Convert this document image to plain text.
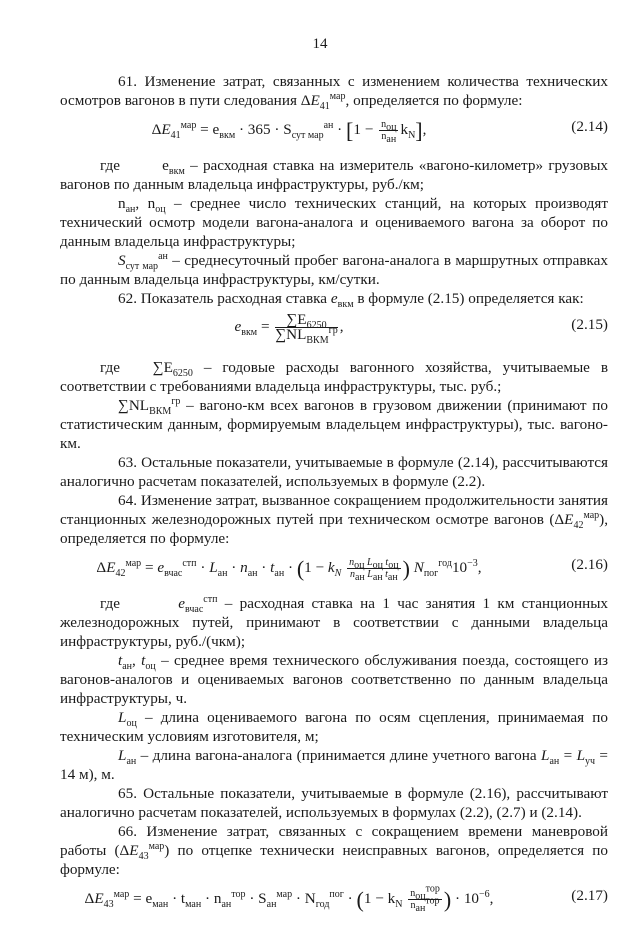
14

61. Изменение затрат, связанных с изменением количества технических осмотров вагонов в пути следования $\Delta E_{41}^{мар}$, определяется по формуле:

$\Delta E_{41}^{мар} = e_{вкм} \cdot 365 \cdot S_{сут мар}^{ан} \cdot [1 - \frac{n_{оц}}{n_{ан}} k_N]$,	(2.14)

где        $e_{вкм}$ – расходная ставка на измеритель «вагоно-километр» грузовых вагонов по данным владельца инфраструктуры, руб./км;

$n_{ан}$, $n_{оц}$ – среднее число технических станций, на которых производят технический осмотр модели вагона-аналога и оцениваемого вагона за оборот по данным владельца инфраструктуры;

$S_{сут мар}^{ан}$ – среднесуточный пробег вагона-аналога в маршрутных отправках по данным владельца инфраструктуры, км/сутки.

62. Показатель расходная ставка $e_{вкм}$ в формуле (2.15) определяется как:

$e_{вкм} = \frac{\sum E_{6250}}{\sum NL_{ВКМ}^{гр}}$ ,	(2.15)

где   $\sum E_{6250}$ – годовые расходы вагонного хозяйства, учитываемые в соответствии с требованиями владельца инфраструктуры, тыс. руб.;

$\sum NL_{ВКМ}^{гр}$ – вагоно-км всех вагонов в грузовом движении (принимают по статистическим данным, формируемым владельцем инфраструктуры), тыс. вагоно-км.

63. Остальные показатели, учитываемые в формуле (2.14), рассчитываются аналогично расчетам показателей, используемых в формуле (2.2).

64. Изменение затрат, вызванное сокращением продолжительности занятия станционных железнодорожных путей при техническом осмотре вагонов $(\Delta E_{42}^{мар})$, определяется по формуле:

$\Delta E_{42}^{мар} = e_{вчас}^{стп} \cdot L_{ан} \cdot n_{ан} \cdot t_{ан} \cdot (1 - k_N \frac{n_{оц} L_{оц} t_{оц}}{n_{ан} L_{ан} t_{ан}}$ ) $N_{пог}^{год}10^{-3}$,	(2.16)

где	$e_{вчас}^{стп}$ – расходная ставка на 1 час занятия 1 км станционных железнодорожных путей, принимают в соответствии с данными владельца инфраструктуры, руб./(чкм);

$t_{ан}$, $t_{оц}$ – среднее время технического обслуживания поезда, состоящего из вагонов-аналогов и оцениваемых вагонов соответственно по данным владельца инфраструктуры, ч.

$L_{оц}$ – длина оцениваемого вагона по осям сцепления, принимаемая по техническим условиям изготовителя, м;

$L_{ан}$ – длина вагона-аналога (принимается длине учетного вагона $L_{ан} = L_{уч} = 14$ м), м.

65. Остальные показатели, учитываемые в формуле (2.16), рассчитывают аналогично расчетам показателей, используемых в формулах (2.2), (2.7) и (2.14).

66. Изменение затрат, связанных с сокращением времени маневровой работы $(\Delta E_{43}^{мар})$ по отцепке технически неисправных вагонов, определяется по формуле:

$\Delta E_{43}^{мар} = e_{ман} \cdot t_{ман} \cdot n_{ан}^{тор} \cdot S_{ан}^{мар} \cdot N_{год}^{пог} \cdot (1 - k_N \frac{n_{оц}^{тор}}{n_{ан}^{тор}}$ ) · $10^{-6}$,	(2.17)
